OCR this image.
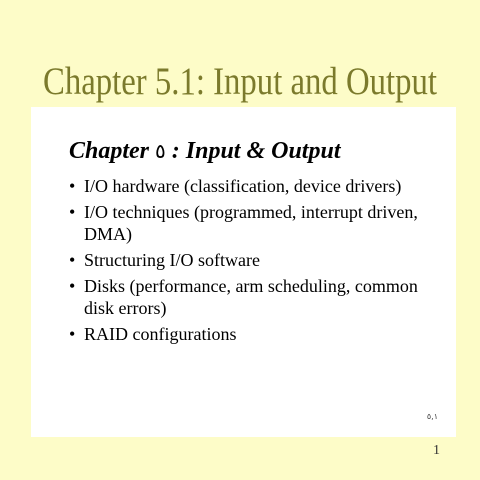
Chapter 5.1: Input and Output
Chapter ٥ : Input & Output
• I/O hardware (classification, device drivers)
• I/O techniques (programmed, interrupt driven, DMA)
• Structuring I/O software
• Disks (performance, arm scheduling, common disk errors)
• RAID configurations
٥,١
1
